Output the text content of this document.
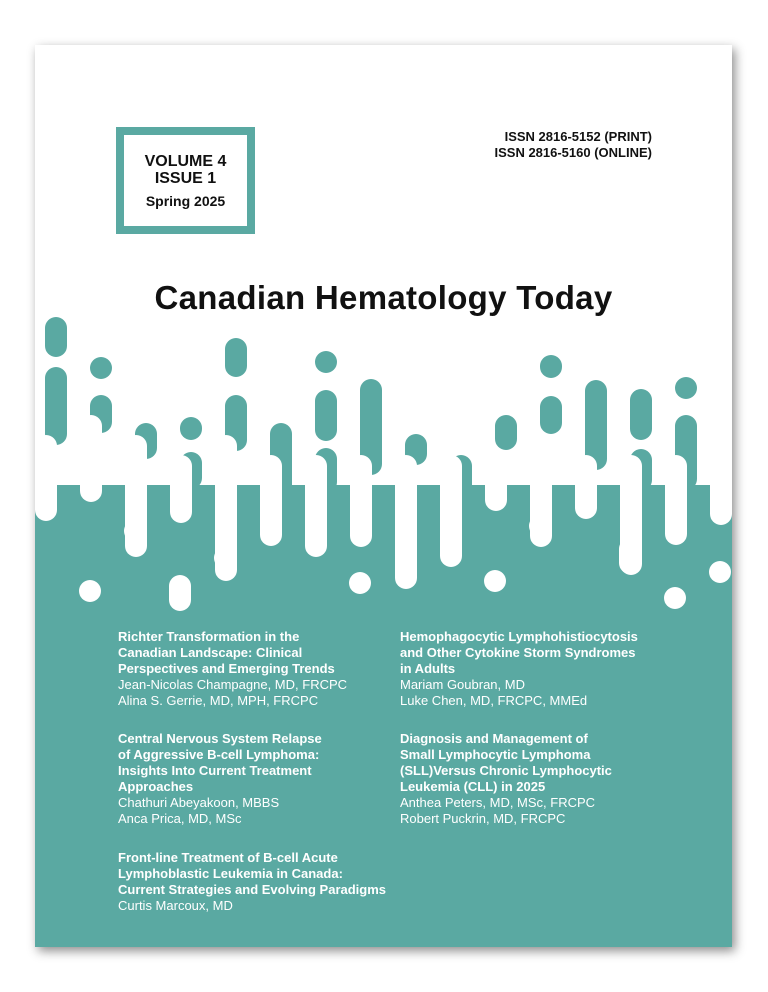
VOLUME 4
ISSUE 1
Spring 2025
ISSN 2816-5152 (PRINT)
ISSN 2816-5160 (ONLINE)
Canadian Hematology Today

Richter Transformation in the

Canadian Landscape: Clinical

Perspectives and Emerging Trends

Jean-Nicolas Champagne, MD, FRCPC

Alina S. Gerrie, MD, MPH, FRCPC

Central Nervous System Relapse

of Aggressive B-cell Lymphoma:

Insights Into Current Treatment

Approaches

Chathuri Abeyakoon, MBBS

Anca Prica, MD, MSc

Front-line Treatment of B-cell Acute

Lymphoblastic Leukemia in Canada:

Current Strategies and Evolving Paradigms

Curtis Marcoux, MD

Hemophagocytic Lymphohistiocytosis

and Other Cytokine Storm Syndromes

in Adults

Mariam Goubran, MD

Luke Chen, MD, FRCPC, MMEd

Diagnosis and Management of

Small Lymphocytic Lymphoma

(SLL)Versus Chronic Lymphocytic

Leukemia (CLL) in 2025

Anthea Peters, MD, MSc, FRCPC

Robert Puckrin, MD, FRCPC
